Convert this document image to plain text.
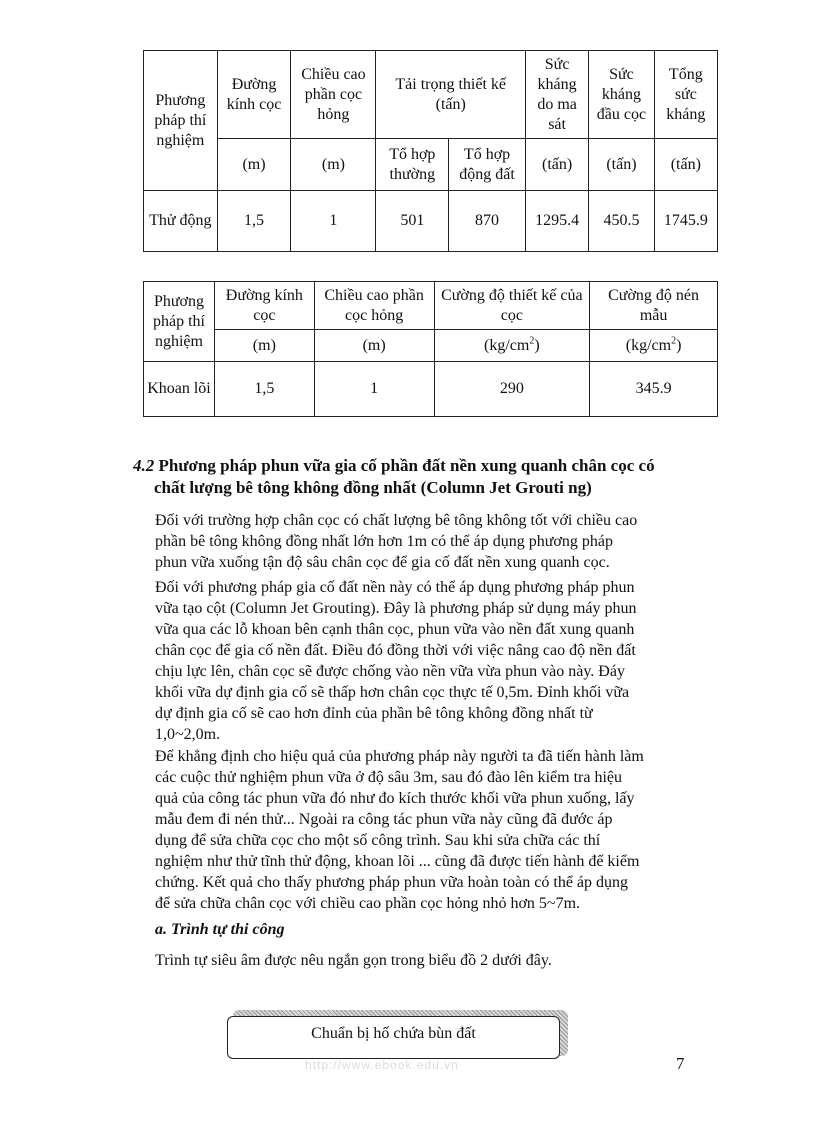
Phương pháp thí nghiệm	Đường kính cọc	Chiều cao phần cọc hỏng	Tải trọng thiết kế (tấn)		Sức kháng do ma sát	Sức kháng đầu cọc	Tổng sức kháng
	(m)	(m)	Tổ hợp thường	Tổ hợp động đất	(tấn)	(tấn)	(tấn)
Thử động	1,5	1	501	870	1295.4	450.5	1745.9
Phương pháp thí nghiệm	Đường kính cọc	Chiều cao phần cọc hỏng	Cường độ thiết kế của cọc	Cường độ nén mẫu
	(m)	(m)	$(kg/cm^2)$	$(kg/cm^2)$
Khoan lõi	1,5	1	290	345.9
4.2 Phương pháp phun vữa gia cố phần đất nền xung quanh chân cọc có
chất lượng bê tông không đồng nhất (Column Jet Grouti ng)

Đối với trường hợp chân cọc có chất lượng bê tông không tốt với chiều cao
phần bê tông không đồng nhất lớn hơn 1m có thể áp dụng phương pháp
phun vữa xuống tận độ sâu chân cọc để gia cố đất nền xung quanh cọc.

Đối với phương pháp gia cố đất nền này có thể áp dụng phương pháp phun
vữa tạo cột (Column Jet Grouting). Đây là phương pháp sử dụng máy phun
vữa qua các lỗ khoan bên cạnh thân cọc, phun vữa vào nền đất xung quanh
chân cọc để gia cố nền đất. Điều đó đồng thời với việc nâng cao độ nền đất
chịu lực lên, chân cọc sẽ được chống vào nền vữa vừa phun vào này. Đáy
khối vữa dự định gia cố sẽ thấp hơn chân cọc thực tế 0,5m. Đỉnh khối vữa
dự định gia cố sẽ cao hơn đỉnh của phần bê tông không đồng nhất từ
1,0~2,0m.

Để khẳng định cho hiệu quả của phương pháp này người ta đã tiến hành làm
các cuộc thử nghiệm phun vữa ở độ sâu 3m, sau đó đào lên kiểm tra hiệu
quả của công tác phun vữa đó như đo kích thước khối vữa phun xuống, lấy
mẫu đem đi nén thử... Ngoài ra công tác phun vữa này cũng đã đước áp
dụng để sửa chữa cọc cho một số công trình. Sau khi sửa chữa các thí
nghiệm như thử tĩnh thử động, khoan lõi ... cũng đã được tiến hành để kiểm
chứng. Kết quả cho thấy phương pháp phun vữa hoàn toàn có thể áp dụng
để sửa chữa chân cọc với chiều cao phần cọc hỏng nhỏ hơn 5~7m.

a. Trình tự thi công

Trình tự siêu âm được nêu ngắn gọn trong biểu đồ 2 dưới đây.

Chuẩn bị hố chứa bùn đất
http://www.ebook.edu.vn	7
